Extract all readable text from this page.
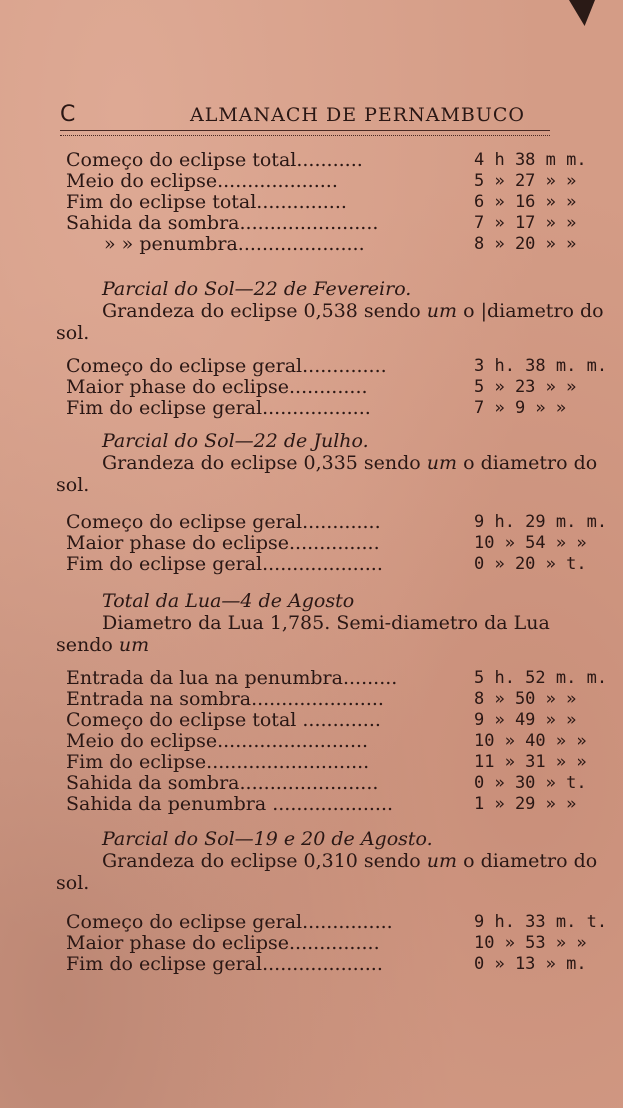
C	ALMANACH DE PERNAMBUCO
Começo do eclipse total...........	4 h 38 m m.
Meio do eclipse....................	5 » 27 » »
Fim do eclipse total...............	6 » 16 » »
Sahida da sombra.......................	7 » 17 » »
» » penumbra.....................	8 » 20 » »
Parcial do Sol—22 de Fevereiro.
Grandeza do eclipse 0,538 sendo um o |diametro do
sol.
Começo do eclipse geral..............	3 h. 38 m. m.
Maior phase do eclipse.............	5 » 23 » »
Fim do eclipse geral..................	7 » 9 » »
Parcial do Sol—22 de Julho.
Grandeza do eclipse 0,335 sendo um o diametro do
sol.
Começo do eclipse geral.............	9 h. 29 m. m.
Maior phase do eclipse...............	10 » 54 » »
Fim do eclipse geral....................	0 » 20 » t.
Total da Lua—4 de Agosto
Diametro da Lua 1,785. Semi-diametro da Lua
sendo um
Entrada da lua na penumbra.........	5 h. 52 m. m.
Entrada na sombra......................	8 » 50 » »
Começo do eclipse total .............	9 » 49 » »
Meio do eclipse.........................	10 » 40 » »
Fim do eclipse...........................	11 » 31 » »
Sahida da sombra.......................	0 » 30 » t.
Sahida da penumbra ....................	1 » 29 » »
Parcial do Sol—19 e 20 de Agosto.
Grandeza do eclipse 0,310 sendo um o diametro do
sol.
Começo do eclipse geral...............	9 h. 33 m. t.
Maior phase do eclipse...............	10 » 53 » »
Fim do eclipse geral....................	0 » 13 » m.
